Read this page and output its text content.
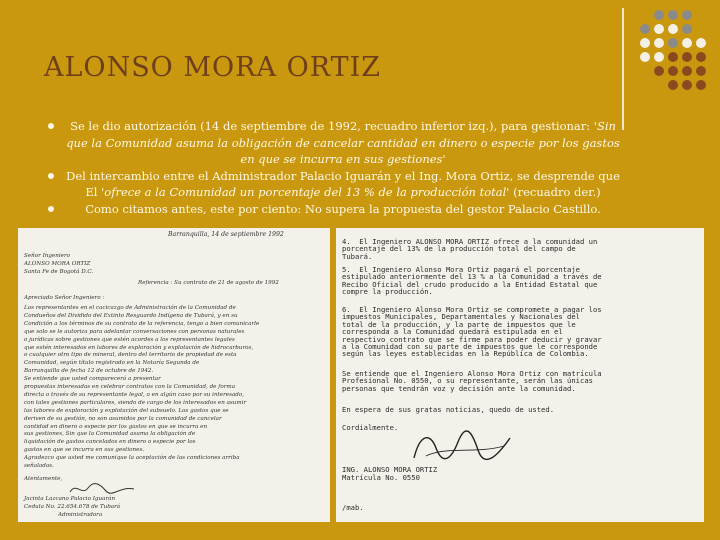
ALONSO MORA ORTIZ
Se le dio autorización (14 de septiembre de 1992, recuadro inferior izq.), para gestionar: 'Sin que la Comunidad asuma la obligación de cancelar cantidad en dinero o especie por los gastos en que se incurra en sus gestiones'
Del intercambio entre el Administrador Palacio Iguarán y el Ing. Mora Ortiz, se desprende que El 'ofrece a la Comunidad un porcentaje del 13 % de la producción total' (recuadro der.)
Como citamos antes, este por ciento: No supera la propuesta del gestor Palacio Castillo.
Barranquilla, 14 de septiembre 1992
Señor Ingeniero
ALONSO MORA ORTIZ
Santa Fe de Bogotá D.C.
Referencia : Su contrato de 21 de agosto de 1992
Apreciado Señor Ingeniero :
Los representantes en el cacicazgo de Administración de la Comunidad de
Condueños del Dividido del Extinto Resguardo Indígena de Tubará, y en su
Condición a los términos de su contrato de la referencia, tengo a bien comunicarle
que solo se le autoriza para adelantar conversaciones con personas naturales
o jurídicas sobre gestiones que estén acordes a los representantes legales
que estén interesados en labores de exploración y explotación de hidrocarburos,
o cualquier otro tipo de mineral, dentro del territorio de propiedad de esta
Comunidad, según título registrado en la Notaría Segunda de
Barranquilla de fecha 12 de octubre de 1942.
Se entiende que usted comparecerá a presentar
propuestas interesadas en celebrar contratos con la Comunidad, de forma
directa o través de su representante legal, o en algún caso por su interesado,
con tales gestiones particulares, siendo de cargo de los interesados en asumir
las labores de exploración y explotación del subsuelo. Los gastos que se
deriven de su gestión, no son asumidos por la comunidad de cancelar
cantidad en dinero o especie por los gastos en que se incurra en
sus gestiones, Sin que la Comunidad asuma la obligación de
liquidación de gastos cancelados en dinero o especie por los
gastos en que se incurra en sus gestiones.
Agradezco que usted me comunique la aceptación de las condiciones arriba
señaladas.
Atentamente,
Jacinta Lazcano Palacio Iguarán
Cedula No. 22.654.678 de Tubará
Administradora
4.  El Ingeniero ALONSO MORA ORTIZ ofrece a la comunidad un
porcentaje del 13% de la producción total del campo de
Tubará.
5.  El Ingeniero Alonso Mora Ortiz pagará el porcentaje
estipulado anteriormente del 13 % a la Comunidad a través de
Recibo Oficial del crudo producido a la Entidad Estatal que
compre la producción.
6.  El Ingeniero Alonso Mora Ortiz se compromete a pagar los
impuestos Municipales, Departamentales y Nacionales del
total de la producción, y la parte de impuestos que le
corresponda a la Comunidad quedará estipulada en el
respectivo contrato que se firme para poder deducir y gravar
a la Comunidad con su parte de impuestos que le corresponde
según las leyes establecidas en la República de Colombia.
Se entiende que el Ingeniero Alonso Mora Ortiz con matrícula
Profesional No. 0550, o su representante, serán las únicas
personas que tendrán voz y decisión ante la comunidad.
En espera de sus gratas noticias, quedo de usted.
Cordialmente.
ING. ALONSO MORA ORTIZ
Matrícula No. 0550
/mab.
